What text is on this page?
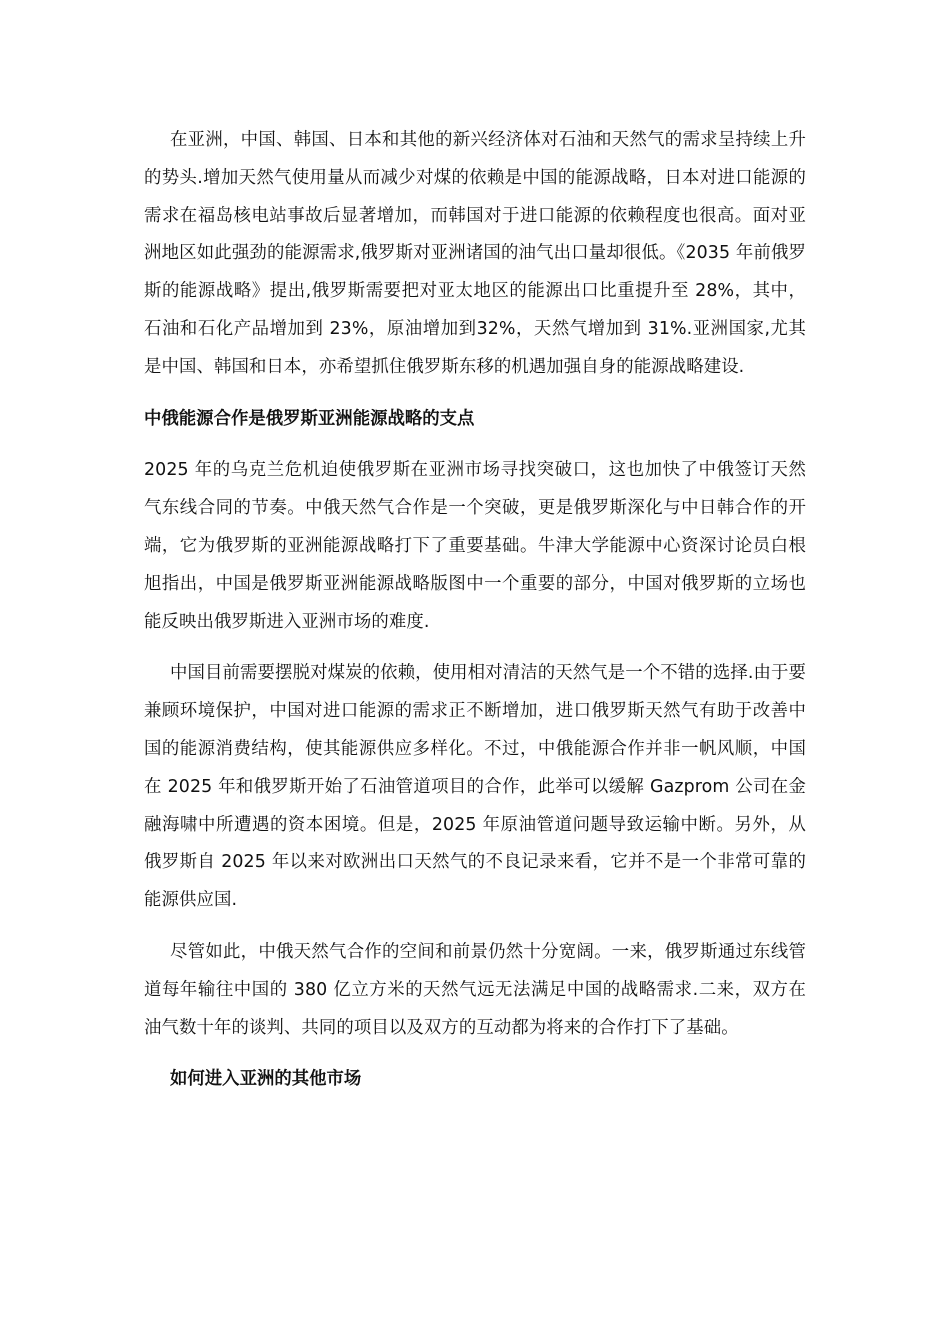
在亚洲，中国、韩国、日本和其他的新兴经济体对石油和天然气的需求呈持续上升的势头.增加天然气使用量从而减少对煤的依赖是中国的能源战略，日本对进口能源的需求在福岛核电站事故后显著增加，而韩国对于进口能源的依赖程度也很高。面对亚洲地区如此强劲的能源需求,俄罗斯对亚洲诸国的油气出口量却很低。《2035 年前俄罗斯的能源战略》提出,俄罗斯需要把对亚太地区的能源出口比重提升至 28%，其中，石油和石化产品增加到 23%，原油增加到32%，天然气增加到 31%.亚洲国家,尤其是中国、韩国和日本，亦希望抓住俄罗斯东移的机遇加强自身的能源战略建设.

中俄能源合作是俄罗斯亚洲能源战略的支点

2025 年的乌克兰危机迫使俄罗斯在亚洲市场寻找突破口，这也加快了中俄签订天然气东线合同的节奏。中俄天然气合作是一个突破，更是俄罗斯深化与中日韩合作的开端，它为俄罗斯的亚洲能源战略打下了重要基础。牛津大学能源中心资深讨论员白根旭指出，中国是俄罗斯亚洲能源战略版图中一个重要的部分，中国对俄罗斯的立场也能反映出俄罗斯进入亚洲市场的难度.

中国目前需要摆脱对煤炭的依赖，使用相对清洁的天然气是一个不错的选择.由于要兼顾环境保护，中国对进口能源的需求正不断增加，进口俄罗斯天然气有助于改善中国的能源消费结构，使其能源供应多样化。不过，中俄能源合作并非一帆风顺，中国在 2025 年和俄罗斯开始了石油管道项目的合作，此举可以缓解 Gazprom 公司在金融海啸中所遭遇的资本困境。但是，2025 年原油管道问题导致运输中断。另外，从俄罗斯自 2025 年以来对欧洲出口天然气的不良记录来看，它并不是一个非常可靠的能源供应国.

尽管如此，中俄天然气合作的空间和前景仍然十分宽阔。一来，俄罗斯通过东线管道每年输往中国的 380 亿立方米的天然气远无法满足中国的战略需求.二来，双方在油气数十年的谈判、共同的项目以及双方的互动都为将来的合作打下了基础。

如何进入亚洲的其他市场
